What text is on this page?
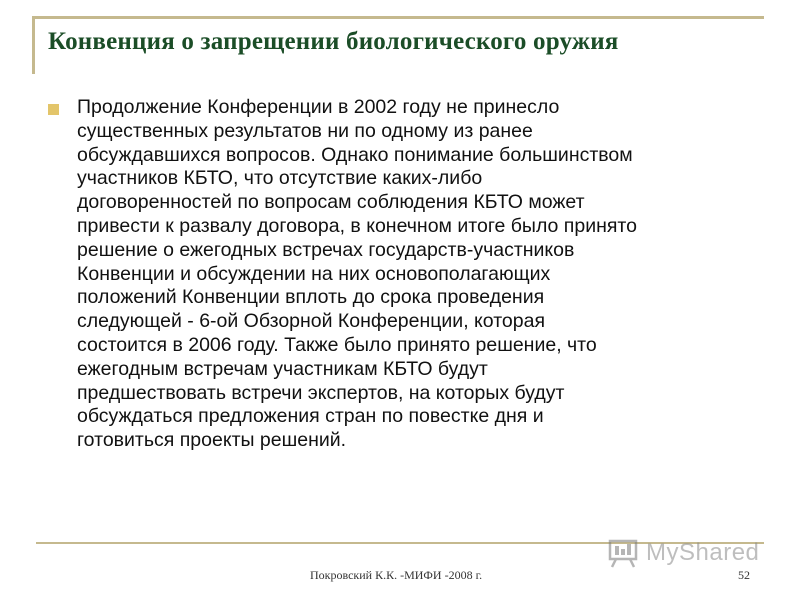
Конвенция о запрещении биологического оружия
Продолжение Конференции в 2002 году не принесло
существенных результатов ни по одному из ранее
обсуждавшихся вопросов. Однако понимание большинством
участников КБТО, что отсутствие каких-либо
договоренностей по вопросам соблюдения КБТО может
привести к развалу договора, в конечном итоге было принято
решение о ежегодных встречах государств-участников
Конвенции и обсуждении на них основополагающих
положений Конвенции вплоть до срока проведения
следующей - 6-ой Обзорной Конференции, которая
состоится в 2006 году. Также было принято решение, что
ежегодным встречам участникам КБТО будут
предшествовать встречи экспертов, на которых будут
обсуждаться предложения стран по повестке дня и
готовиться проекты решений.
MyShared
Покровский К.К. -МИФИ -2008 г.	52
